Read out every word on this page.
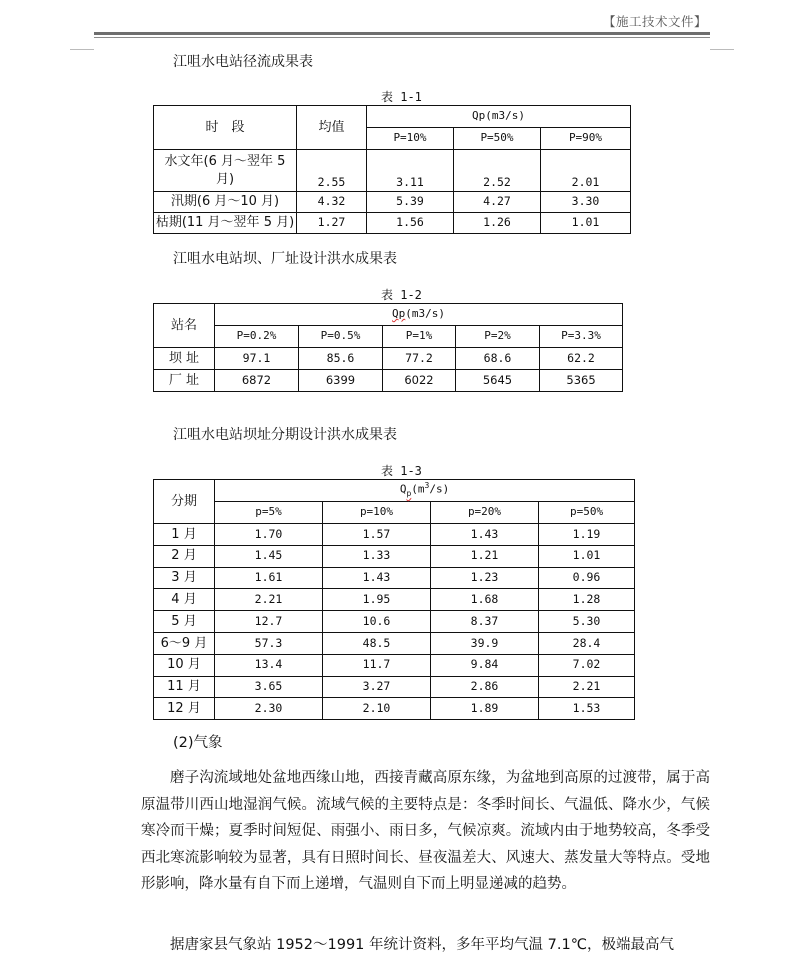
【施工技术文件】
江咀水电站径流成果表
表 1-1
时　段	均值	Qp(m3/s)		
		P=10%	P=50%	P=90%
水文年(6 月～翌年 5
月)	2.55	3.11	2.52	2.01
汛期(6 月～10 月)	4.32	5.39	4.27	3.30
枯期(11 月～翌年 5 月)	1.27	1.56	1.26	1.01
江咀水电站坝、厂址设计洪水成果表
表 1-2
站名	Qp(m3/s)				
	P=0.2%	P=0.5%	P=1%	P=2%	P=3.3%
坝 址	97.1	85.6	77.2	68.6	62.2
厂 址	6872	6399	6022	5645	5365
江咀水电站坝址分期设计洪水成果表
表 1-3
分期	$Q_p(m^3/s)$			
	p=5%	p=10%	p=20%	p=50%
1 月	1.70	1.57	1.43	1.19
2 月	1.45	1.33	1.21	1.01
3 月	1.61	1.43	1.23	0.96
4 月	2.21	1.95	1.68	1.28
5 月	12.7	10.6	8.37	5.30
6～9 月	57.3	48.5	39.9	28.4
10 月	13.4	11.7	9.84	7.02
11 月	3.65	3.27	2.86	2.21
12 月	2.30	2.10	1.89	1.53
(2)气象

磨子沟流域地处盆地西缘山地，西接青藏高原东缘，为盆地到高原的过渡带，属于高原温带川西山地湿润气候。流域气候的主要特点是：冬季时间长、气温低、降水少，气候寒冷而干燥；夏季时间短促、雨强小、雨日多，气候凉爽。流域内由于地势较高，冬季受西北寒流影响较为显著，具有日照时间长、昼夜温差大、风速大、蒸发量大等特点。受地形影响，降水量有自下而上递增，气温则自下而上明显递减的趋势。

据唐家县气象站 1952～1991 年统计资料，多年平均气温 7.1℃，极端最高气
